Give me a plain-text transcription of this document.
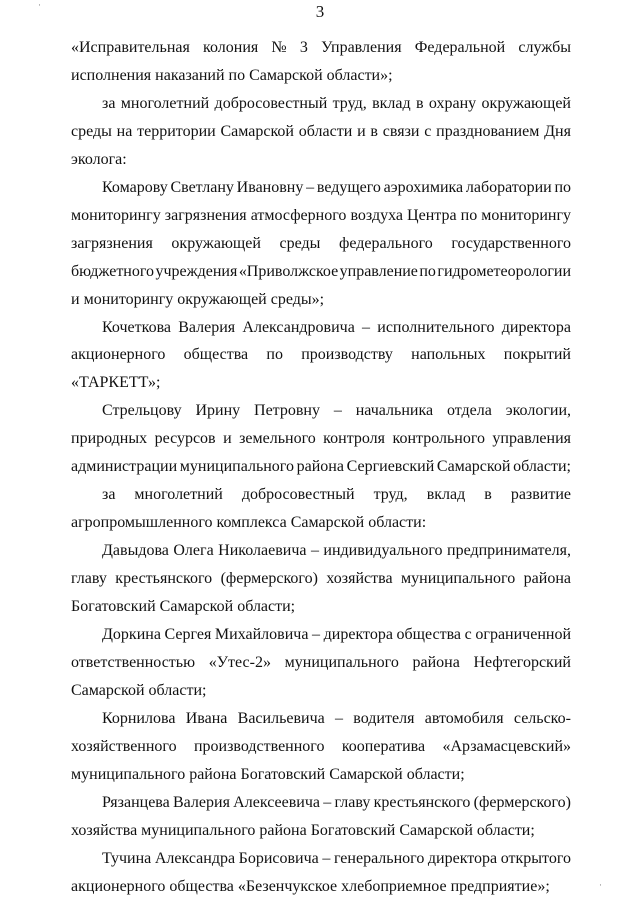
3
«Исправительная колония № 3 Управления Федеральной службы
исполнения наказаний по Самарской области»;
за многолетний добросовестный труд, вклад в охрану окружающей
среды на территории Самарской области и в связи с празднованием Дня
эколога:
Комарову Светлану Ивановну – ведущего аэрохимика лаборатории по
мониторингу загрязнения атмосферного воздуха Центра по мониторингу
загрязнения окружающей среды федерального государственного
бюджетного учреждения «Приволжское управление по гидрометеорологии
и мониторингу окружающей среды»;
Кочеткова Валерия Александровича – исполнительного директора
акционерного общества по производству напольных покрытий
«ТАРКЕТТ»;
Стрельцову Ирину Петровну – начальника отдела экологии,
природных ресурсов и земельного контроля контрольного управления
администрации муниципального района Сергиевский Самарской области;
за многолетний добросовестный труд, вклад в развитие
агропромышленного комплекса Самарской области:
Давыдова Олега Николаевича – индивидуального предпринимателя,
главу крестьянского (фермерского) хозяйства муниципального района
Богатовский Самарской области;
Доркина Сергея Михайловича – директора общества с ограниченной
ответственностью «Утес-2» муниципального района Нефтегорский
Самарской области;
Корнилова Ивана Васильевича – водителя автомобиля сельско-
хозяйственного производственного кооператива «Арзамасцевский»
муниципального района Богатовский Самарской области;
Рязанцева Валерия Алексеевича – главу крестьянского (фермерского)
хозяйства муниципального района Богатовский Самарской области;
Тучина Александра Борисовича – генерального директора открытого
акционерного общества «Безенчукское хлебоприемное предприятие»;
·
·
